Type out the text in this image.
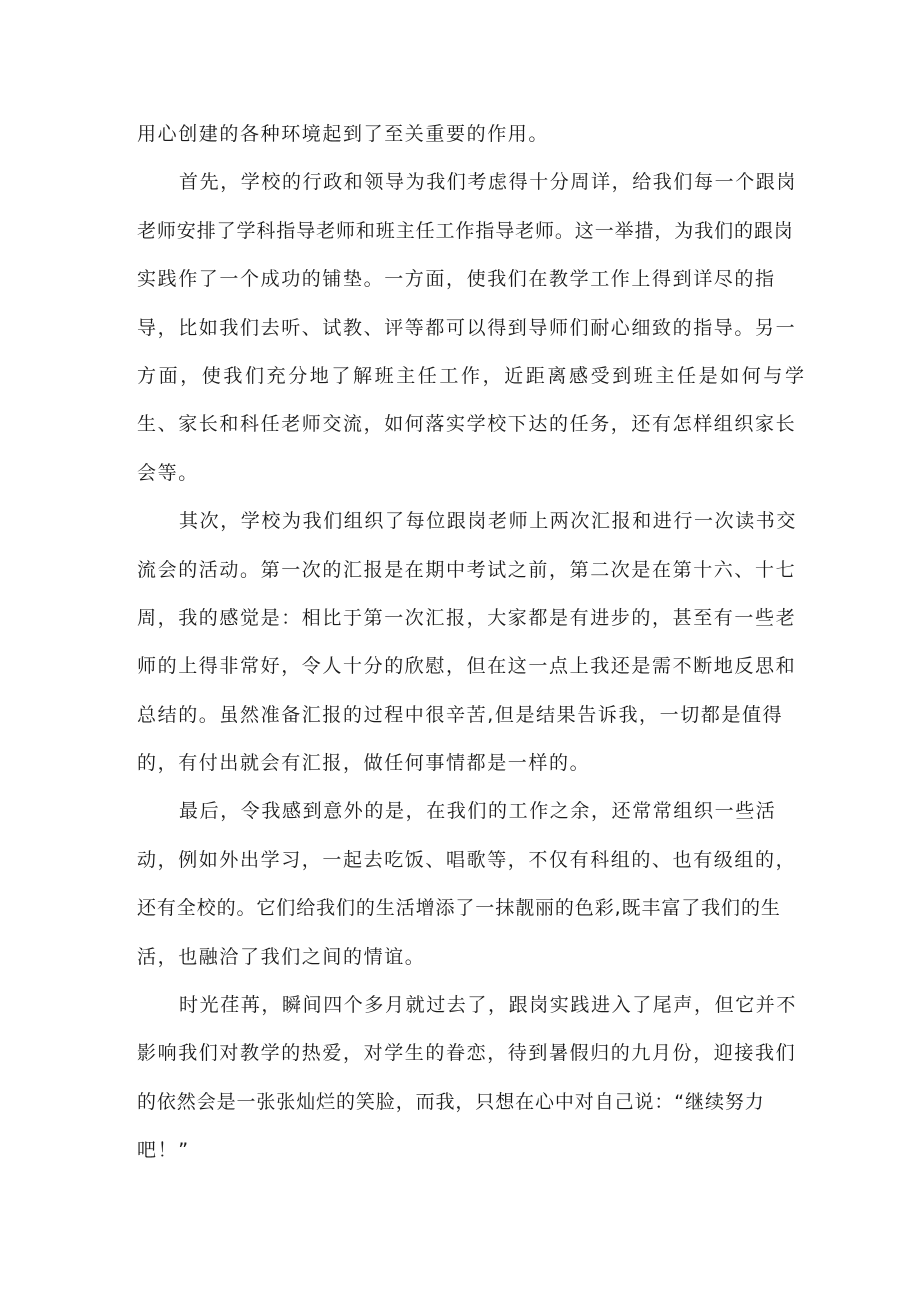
用心创建的各种环境起到了至关重要的作用。
首先，学校的行政和领导为我们考虑得十分周详，给我们每一个跟岗
老师安排了学科指导老师和班主任工作指导老师。这一举措，为我们的跟岗
实践作了一个成功的铺垫。一方面，使我们在教学工作上得到详尽的指
导，比如我们去听、试教、评等都可以得到导师们耐心细致的指导。另一
方面，使我们充分地了解班主任工作，近距离感受到班主任是如何与学
生、家长和科任老师交流，如何落实学校下达的任务，还有怎样组织家长
会等。
其次，学校为我们组织了每位跟岗老师上两次汇报和进行一次读书交
流会的活动。第一次的汇报是在期中考试之前，第二次是在第十六、十七
周，我的感觉是：相比于第一次汇报，大家都是有进步的，甚至有一些老
师的上得非常好，令人十分的欣慰，但在这一点上我还是需不断地反思和
总结的。虽然准备汇报的过程中很辛苦,但是结果告诉我，一切都是值得
的，有付出就会有汇报，做任何事情都是一样的。
最后，令我感到意外的是，在我们的工作之余，还常常组织一些活
动，例如外出学习，一起去吃饭、唱歌等，不仅有科组的、也有级组的，
还有全校的。它们给我们的生活增添了一抹靓丽的色彩,既丰富了我们的生
活，也融洽了我们之间的情谊。
时光荏苒，瞬间四个多月就过去了，跟岗实践进入了尾声，但它并不
影响我们对教学的热爱，对学生的眷恋，待到暑假归的九月份，迎接我们
的依然会是一张张灿烂的笑脸，而我，只想在心中对自己说：“继续努力
吧！”
